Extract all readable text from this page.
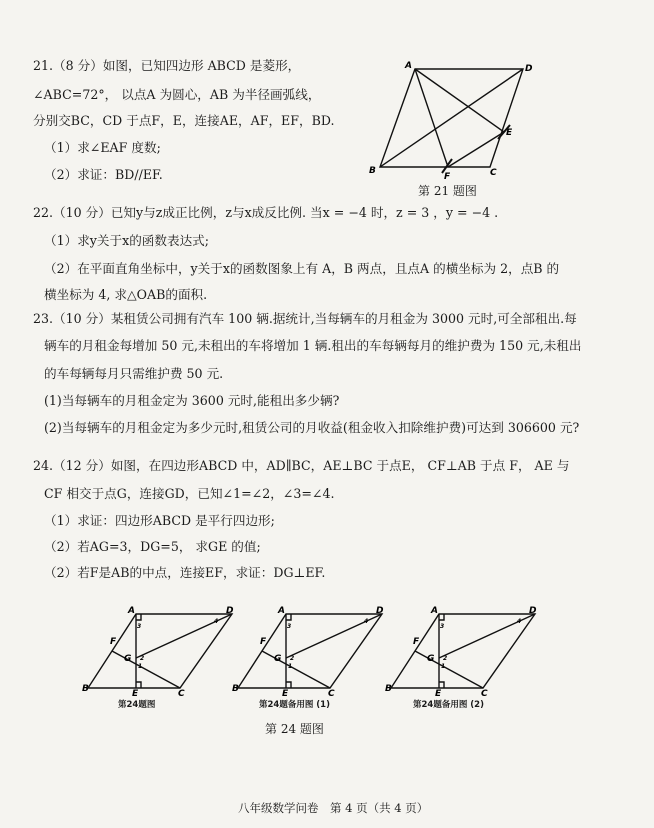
21.（8 分）如图，已知四边形 ABCD 是菱形，
∠ABC=72°， 以点A 为圆心，AB 为半径画弧线，
分别交BC，CD 于点F，E，连接AE，AF，EF，BD.
（1）求∠EAF 度数;
（2）求证：BD//EF.
A	D
E
B
F	C
第 21 题图
22.（10 分）已知y与z成正比例，z与x成反比例. 当x = −4 时，z = 3 ，y = −4 .
（1）求y关于x的函数表达式;
（2）在平面直角坐标中，y关于x的函数图象上有 A，B 两点，且点A 的横坐标为 2，点B 的
横坐标为 4, 求△OAB的面积.
23.（10 分）某租赁公司拥有汽车 100 辆.据统计,当每辆车的月租金为 3000 元时,可全部租出.每
辆车的月租金每增加 50 元,未租出的车将增加 1 辆.租出的车每辆每月的维护费为 150 元,未租出
的车每辆每月只需维护费 50 元.
(1)当每辆车的月租金定为 3600 元时,能租出多少辆?
(2)当每辆车的月租金定为多少元时,租赁公司的月收益(租金收入扣除维护费)可达到 306600 元?
24.（12 分）如图，在四边形ABCD 中，AD∥BC，AE⊥BC 于点E， CF⊥AB 于点 F， AE 与
CF 相交于点G，连接GD，已知∠1=∠2，∠3=∠4.
（1）求证：四边形ABCD 是平行四边形;
（2）若AG=3，DG=5， 求GE 的值;
（2）若F是AB的中点，连接EF，求证：DG⊥EF.
A	D
F
G
B	E	C
3
4
2
1
第24题图
A	D
F
G
B	E	C
3
4
2
1
第24题备用图 (1)
A	D
F
G
B	E	C
3
4
2
1
第24题备用图 (2)
第 24 题图
八年级数学问卷　第 4 页（共 4 页）
